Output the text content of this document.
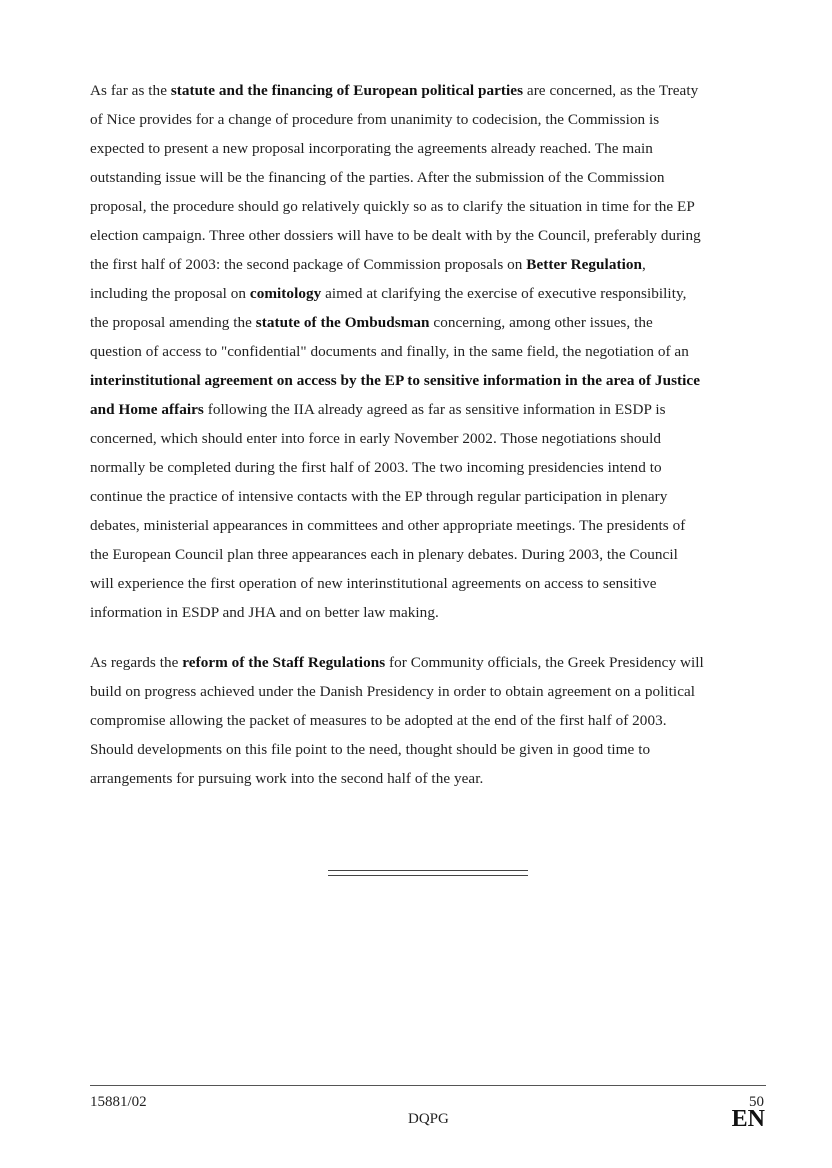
As far as the statute and the financing of European political parties are concerned, as the Treaty
of Nice provides for a change of procedure from unanimity to codecision, the Commission is
expected to present a new proposal incorporating the agreements already reached. The main
outstanding issue will be the financing of the parties. After the submission of the Commission
proposal, the procedure should go relatively quickly so as to clarify the situation in time for the EP
election campaign. Three other dossiers will have to be dealt with by the Council, preferably during
the first half of 2003: the second package of Commission proposals on Better Regulation,
including the proposal on comitology aimed at clarifying the exercise of executive responsibility,
the proposal amending the statute of the Ombudsman concerning, among other issues, the
question of access to "confidential" documents and finally, in the same field, the negotiation of an
interinstitutional agreement on access by the EP to sensitive information in the area of Justice
and Home affairs following the IIA already agreed as far as sensitive information in ESDP is
concerned, which should enter into force in early November 2002. Those negotiations should
normally be completed during the first half of 2003. The two incoming presidencies intend to
continue the practice of intensive contacts with the EP through regular participation in plenary
debates, ministerial appearances in committees and other appropriate meetings. The presidents of
the European Council plan three appearances each in plenary debates. During 2003, the Council
will experience the first operation of new interinstitutional agreements on access to sensitive
information in ESDP and JHA and on better law making.
As regards the reform of the Staff Regulations for Community officials, the Greek Presidency will
build on progress achieved under the Danish Presidency in order to obtain agreement on a political
compromise allowing the packet of measures to be adopted at the end of the first half of 2003.
Should developments on this file point to the need, thought should be given in good time to
arrangements for pursuing work into the second half of the year.
15881/02	50
DQPG	EN
